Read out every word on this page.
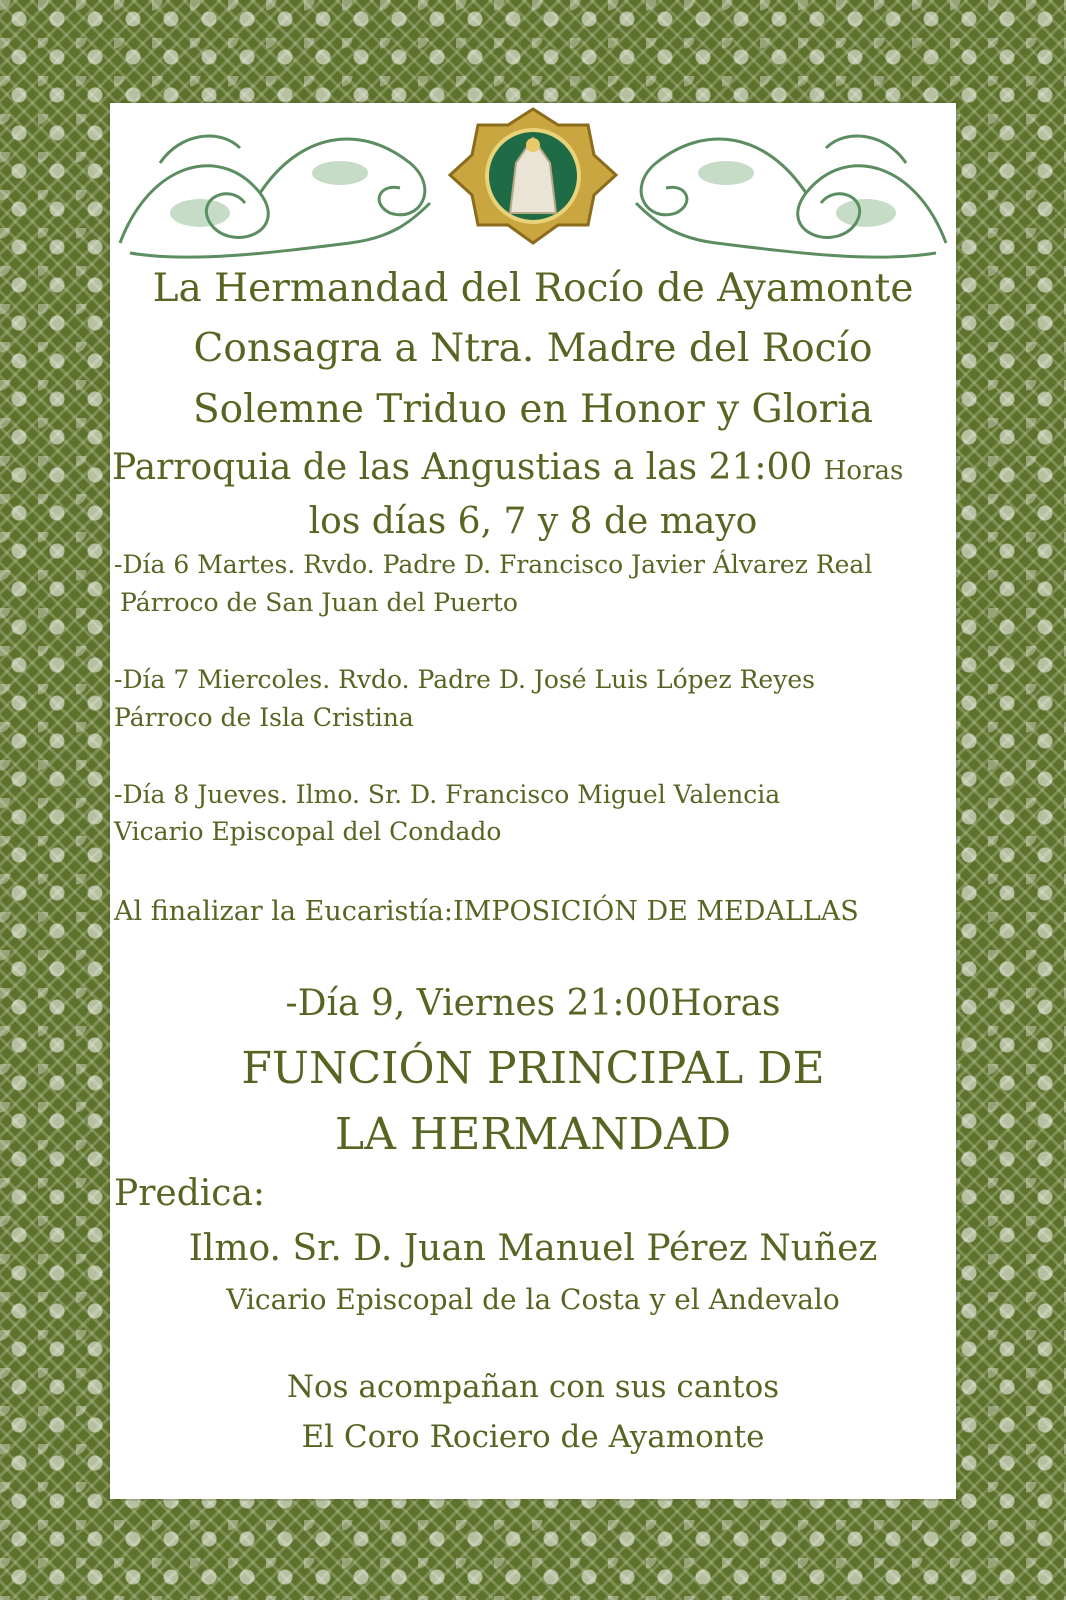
La Hermandad del Rocío de Ayamonte
Consagra a Ntra. Madre del Rocío
Solemne Triduo en Honor y Gloria
Parroquia de las Angustias a las 21:00 Horas
los días 6, 7 y 8 de mayo
-Día 6 Martes. Rvdo. Padre D. Francisco Javier Álvarez Real
Párroco de San Juan del Puerto
-Día 7 Miercoles. Rvdo. Padre D. José Luis López Reyes
Párroco de Isla Cristina
-Día 8 Jueves. Ilmo. Sr. D. Francisco Miguel Valencia
Vicario Episcopal del Condado
Al finalizar la Eucaristía:IMPOSICIÓN DE MEDALLAS
-Día 9, Viernes 21:00Horas
FUNCIÓN PRINCIPAL DE
LA HERMANDAD
Predica:
Ilmo. Sr. D. Juan Manuel Pérez Nuñez
Vicario Episcopal de la Costa y el Andevalo
Nos acompañan con sus cantos
El Coro Rociero de Ayamonte
